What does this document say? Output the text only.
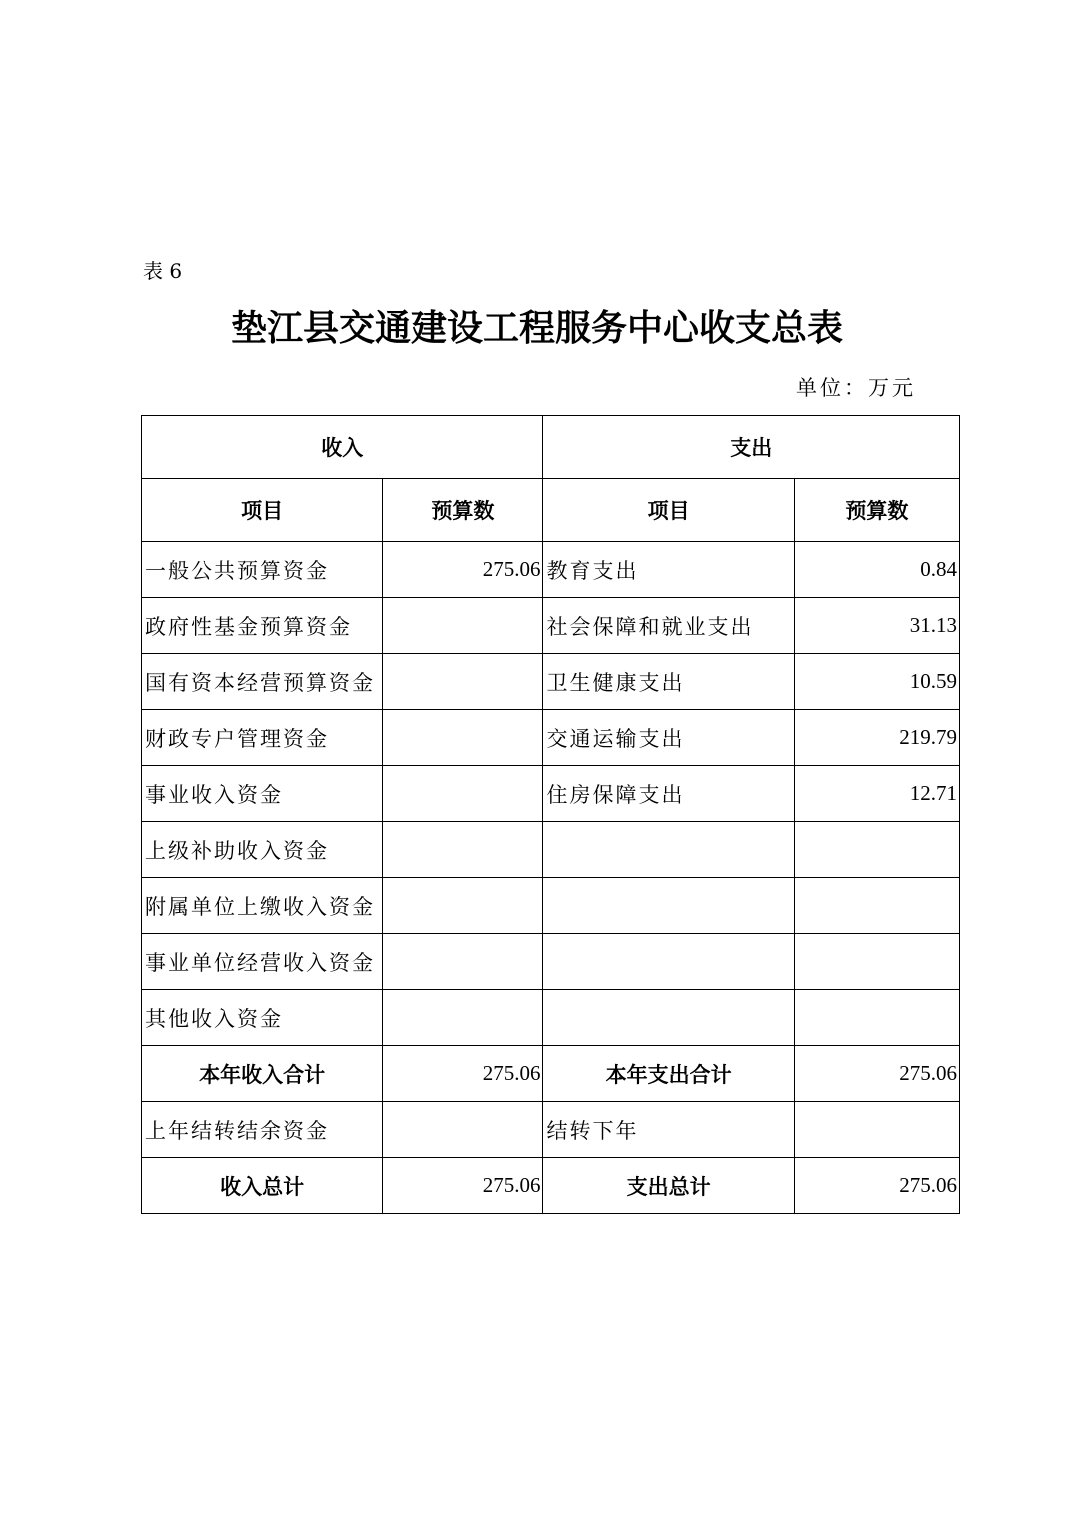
表 6
垫江县交通建设工程服务中心收支总表
单位：万元
收入		支出	
项目	预算数	项目	预算数
一般公共预算资金	275.06	教育支出	0.84
政府性基金预算资金		社会保障和就业支出	31.13
国有资本经营预算资金		卫生健康支出	10.59
财政专户管理资金		交通运输支出	219.79
事业收入资金		住房保障支出	12.71
上级补助收入资金			
附属单位上缴收入资金			
事业单位经营收入资金			
其他收入资金			
本年收入合计	275.06	本年支出合计	275.06
上年结转结余资金		结转下年	
收入总计	275.06	支出总计	275.06
